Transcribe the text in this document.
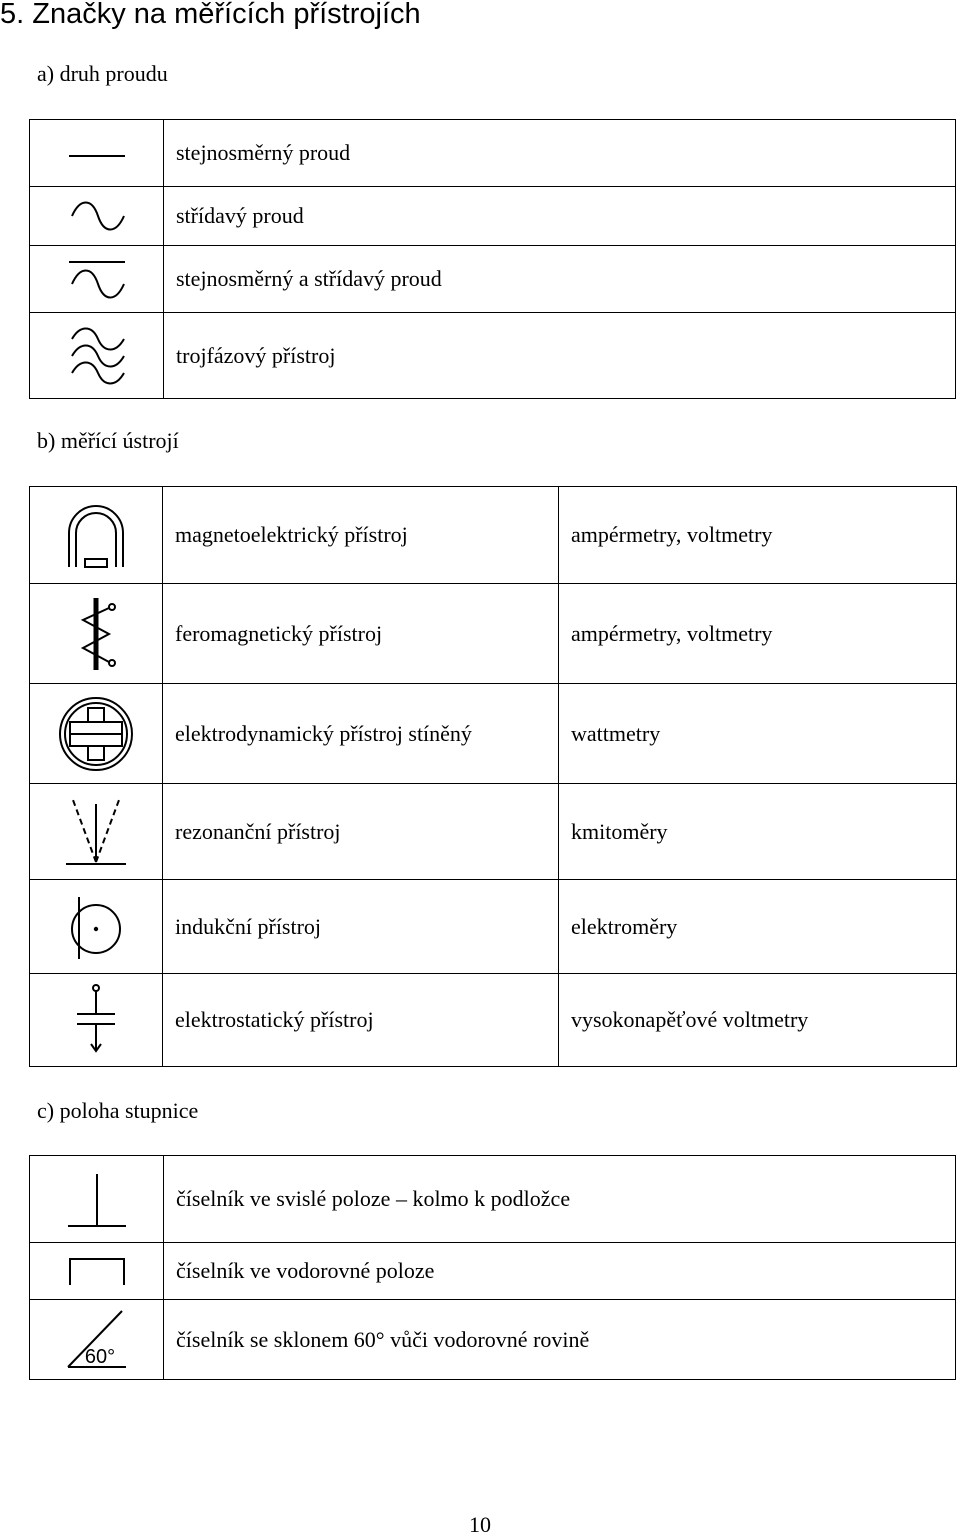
5. Značky na měřících přístrojích
a) druh proudu
	stejnosměrný proud

	střídavý proud

	stejnosměrný a střídavý proud

	trojfázový přístroj
b) měřící ústrojí
	magnetoelektrický přístroj	ampérmetry, voltmetry

	feromagnetický přístroj	ampérmetry, voltmetry

	elektrodynamický přístroj stíněný	wattmetry

	rezonanční přístroj	kmitoměry

	indukční přístroj	elektroměry

	elektrostatický přístroj	vysokonapěťové voltmetry
c) poloha stupnice
	číselník ve svislé poloze – kolmo k podložce

	číselník ve vodorovné poloze

60°	číselník se sklonem 60° vůči vodorovné rovině
10
